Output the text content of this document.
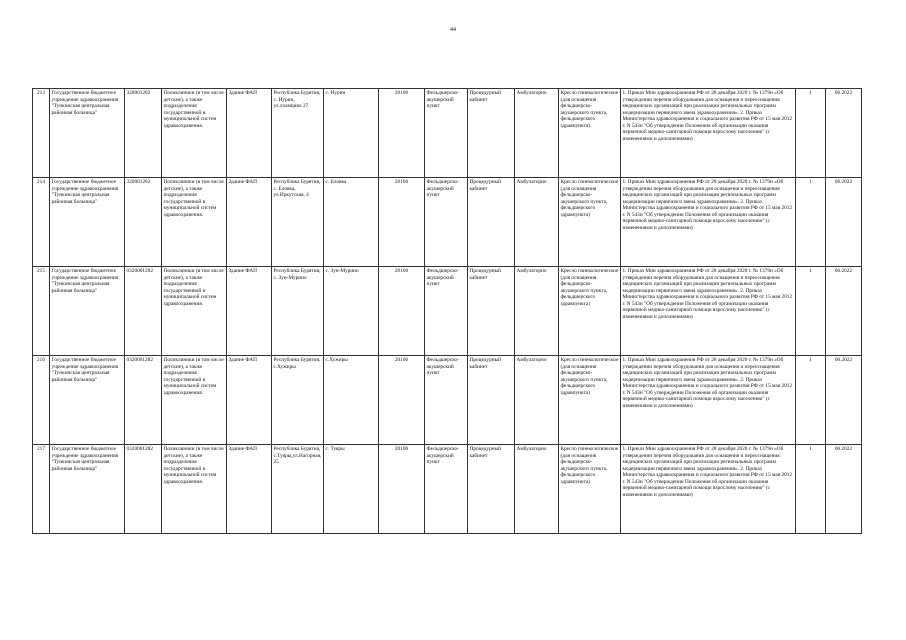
44
213	Государственное бюджетное учреждение здравоохранения "Тункинская центральная районная больница"	320001282	Поликлиники (в том числе детские), а также подразделения государственной и муниципальной систем здравоохранения.	Здание ФАП	Республика Бурятия, с. Нурин, ул.лхамцина 27	с. Нурин	20106	Фельдшерско-акушерский пункт	Процедурный кабинет	Амбулаторно	Кресло гинекологическое (для оснащения фельдшерско-акушерского пункта, фельдшерского здравпункта)	1. Приказ Мин здравоохранения РФ от 28 декабря 2020 г. № 1379н «Об утверждении перечня оборудования для оснащения и переоснащения медицинских организаций при реализации региональных программ модернизации первичного звена здравоохранения». 2. Приказ Министерства здравоохранения и социального развития РФ от 15 мая 2012 г. N 543н "Об утверждении Положения об организации оказания первичной медико-санитарной помощи взрослому населению" (с изменениями и дополнениями)	1	06.2022
214	Государственное бюджетное учреждение здравоохранения "Тункинская центральная районная больница"	320001282	Поликлиники (в том числе детские), а также подразделения государственной и муниципальной систем здравоохранения.	Здание ФАП	Республика Бурятия, с. Еловка, ул.Иркутская, 4	с. Еловка	20106	Фельдшерско-акушерский пункт	Процедурный кабинет	Амбулаторно	Кресло гинекологическое (для оснащения фельдшерско-акушерского пункта, фельдшерского здравпункта)	1. Приказ Мин здравоохранения РФ от 28 декабря 2020 г. № 1379н «Об утверждении перечня оборудования для оснащения и переоснащения медицинских организаций при реализации региональных программ модернизации первичного звена здравоохранения». 2. Приказ Министерства здравоохранения и социального развития РФ от 15 мая 2012 г. N 543н "Об утверждении Положения об организации оказания первичной медико-санитарной помощи взрослому населению" (с изменениями и дополнениями)	1	06.2022
215	Государственное бюджетное учреждение здравоохранения "Тункинская центральная районная больница"	0320001282	Поликлиники (в том числе детские), а также подразделения государственной и муниципальной систем здравоохранения.	Здание ФАП	Республика Бурятия, с. Зун-Мурино	с. Зун-Мурино	20106	Фельдшерско-акушерский пункт	Процедурный кабинет	Амбулаторно	Кресло гинекологическое (для оснащения фельдшерско-акушерского пункта, фельдшерского здравпункта)	1. Приказ Мин здравоохранения РФ от 28 декабря 2020 г. № 1379н «Об утверждении перечня оборудования для оснащения и переоснащения медицинских организаций при реализации региональных программ модернизации первичного звена здравоохранения». 2. Приказ Министерства здравоохранения и социального развития РФ от 15 мая 2012 г. N 543н "Об утверждении Положения об организации оказания первичной медико-санитарной помощи взрослому населению" (с изменениями и дополнениями)	1	06.2022
216	Государственное бюджетное учреждение здравоохранения "Тункинская центральная районная больница"	0320001282	Поликлиники (в том числе детские), а также подразделения государственной и муниципальной систем здравоохранения.	Здание ФАП	Республика Бурятия, с.Хужиры	с.Хужиры	20106	Фельдшерско-акушерский пункт	Процедурный кабинет	Амбулаторно	Кресло гинекологическое (для оснащения фельдшерско-акушерского пункта, фельдшерского здравпункта)	1. Приказ Мин здравоохранения РФ от 28 декабря 2020 г. № 1379н «Об утверждении перечня оборудования для оснащения и переоснащения медицинских организаций при реализации региональных программ модернизации первичного звена здравоохранения». 2. Приказ Министерства здравоохранения и социального развития РФ от 15 мая 2012 г. N 543н "Об утверждении Положения об организации оказания первичной медико-санитарной помощи взрослому населению" (с изменениями и дополнениями)	1	06.2022
217	Государственное бюджетное учреждение здравоохранения "Тункинская центральная районная больница"	0320001282	Поликлиники (в том числе детские), а также подразделения государственной и муниципальной систем здравоохранения.	Здание ФАП	Республика Бурятия, с.Туяры,ул.Нагорная, 25	с. Туяры	20106	Фельдшерско-акушерский пункт	Процедурный кабинет	Амбулаторно	Кресло гинекологическое (для оснащения фельдшерско-акушерского пункта, фельдшерского здравпункта)	1. Приказ Мин здравоохранения РФ от 28 декабря 2020 г. № 1379н «Об утверждении перечня оборудования для оснащения и переоснащения медицинских организаций при реализации региональных программ модернизации первичного звена здравоохранения». 2. Приказ Министерства здравоохранения и социального развития РФ от 15 мая 2012 г. N 543н "Об утверждении Положения об организации оказания первичной медико-санитарной помощи взрослому населению" (с изменениями и дополнениями)	1	06.2022
